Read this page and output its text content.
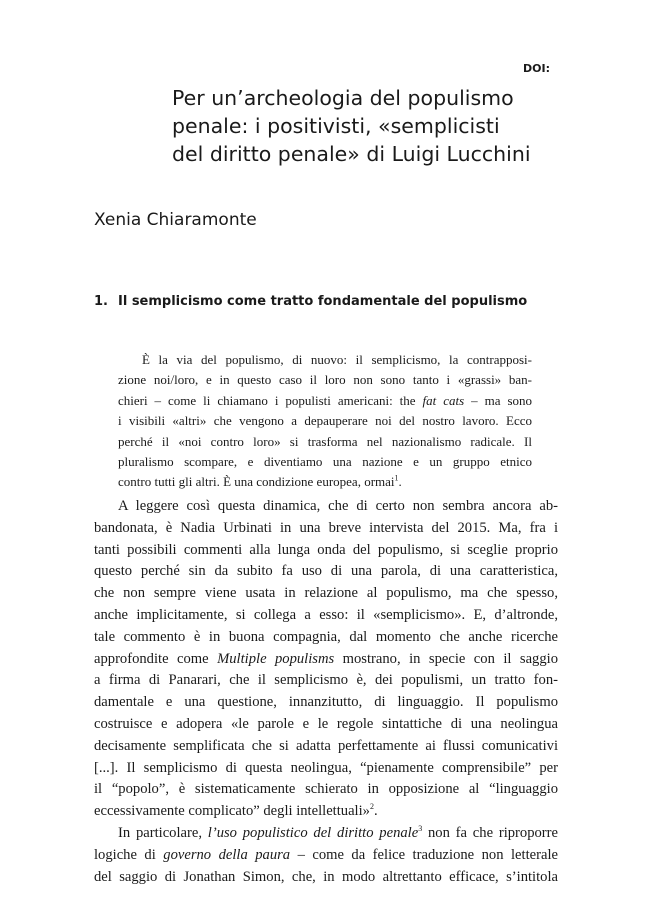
DOI:
Per un’archeologia del populismo
penale: i positivisti, «semplicisti
del diritto penale» di Luigi Lucchini
Xenia Chiaramonte
1. Il semplicismo come tratto fondamentale del populismo
È la via del populismo, di nuovo: il semplicismo, la contrapposi-
zione noi/loro, e in questo caso il loro non sono tanto i «grassi» ban-
chieri – come li chiamano i populisti americani: the fat cats – ma sono
i visibili «altri» che vengono a depauperare noi del nostro lavoro. Ecco
perché il «noi contro loro» si trasforma nel nazionalismo radicale. Il
pluralismo scompare, e diventiamo una nazione e un gruppo etnico
contro tutti gli altri. È una condizione europea, ormai$^1$.
A leggere così questa dinamica, che di certo non sembra ancora ab-
bandonata, è Nadia Urbinati in una breve intervista del 2015. Ma, fra i
tanti possibili commenti alla lunga onda del populismo, si sceglie proprio
questo perché sin da subito fa uso di una parola, di una caratteristica,
che non sempre viene usata in relazione al populismo, ma che spesso,
anche implicitamente, si collega a esso: il «semplicismo». E, d’altronde,
tale commento è in buona compagnia, dal momento che anche ricerche
approfondite come Multiple populisms mostrano, in specie con il saggio
a firma di Panarari, che il semplicismo è, dei populismi, un tratto fon-
damentale e una questione, innanzitutto, di linguaggio. Il populismo
costruisce e adopera «le parole e le regole sintattiche di una neolingua
decisamente semplificata che si adatta perfettamente ai flussi comunicativi
[...]. Il semplicismo di questa neolingua, “pienamente comprensibile” per
il “popolo”, è sistematicamente schierato in opposizione al “linguaggio
eccessivamente complicato” degli intellettuali»$^2$.
In particolare, l’uso populistico del diritto penale$^3$ non fa che riproporre
logiche di governo della paura – come da felice traduzione non letterale
del saggio di Jonathan Simon, che, in modo altrettanto efficace, s’intitola
